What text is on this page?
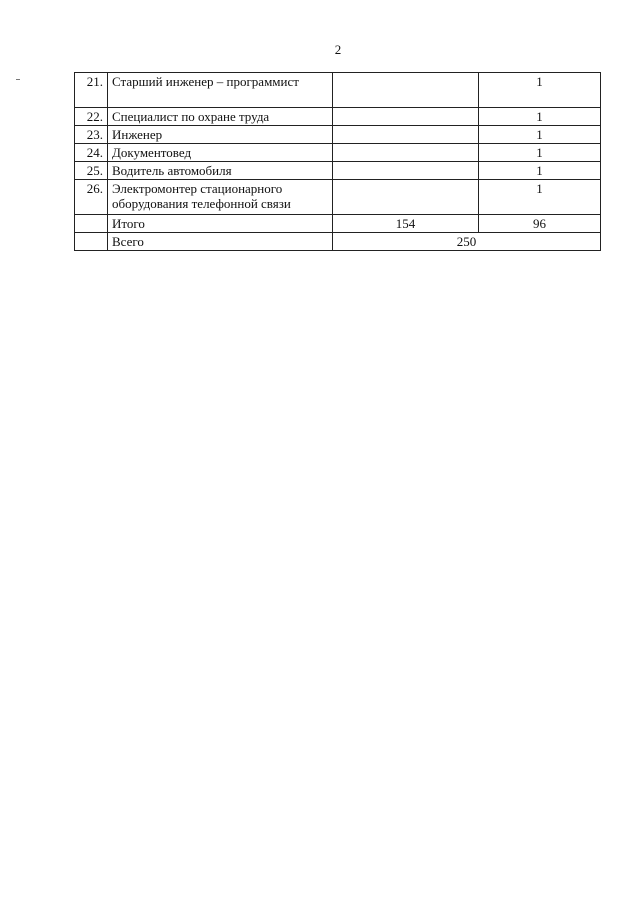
2
21.	Старший инженер – программист		1
22.	Специалист по охране труда		1
23.	Инженер		1
24.	Документовед		1
25.	Водитель автомобиля		1
26.	Электромонтер стационарного оборудования телефонной связи		1
	Итого	154	96
	Всего	250	
